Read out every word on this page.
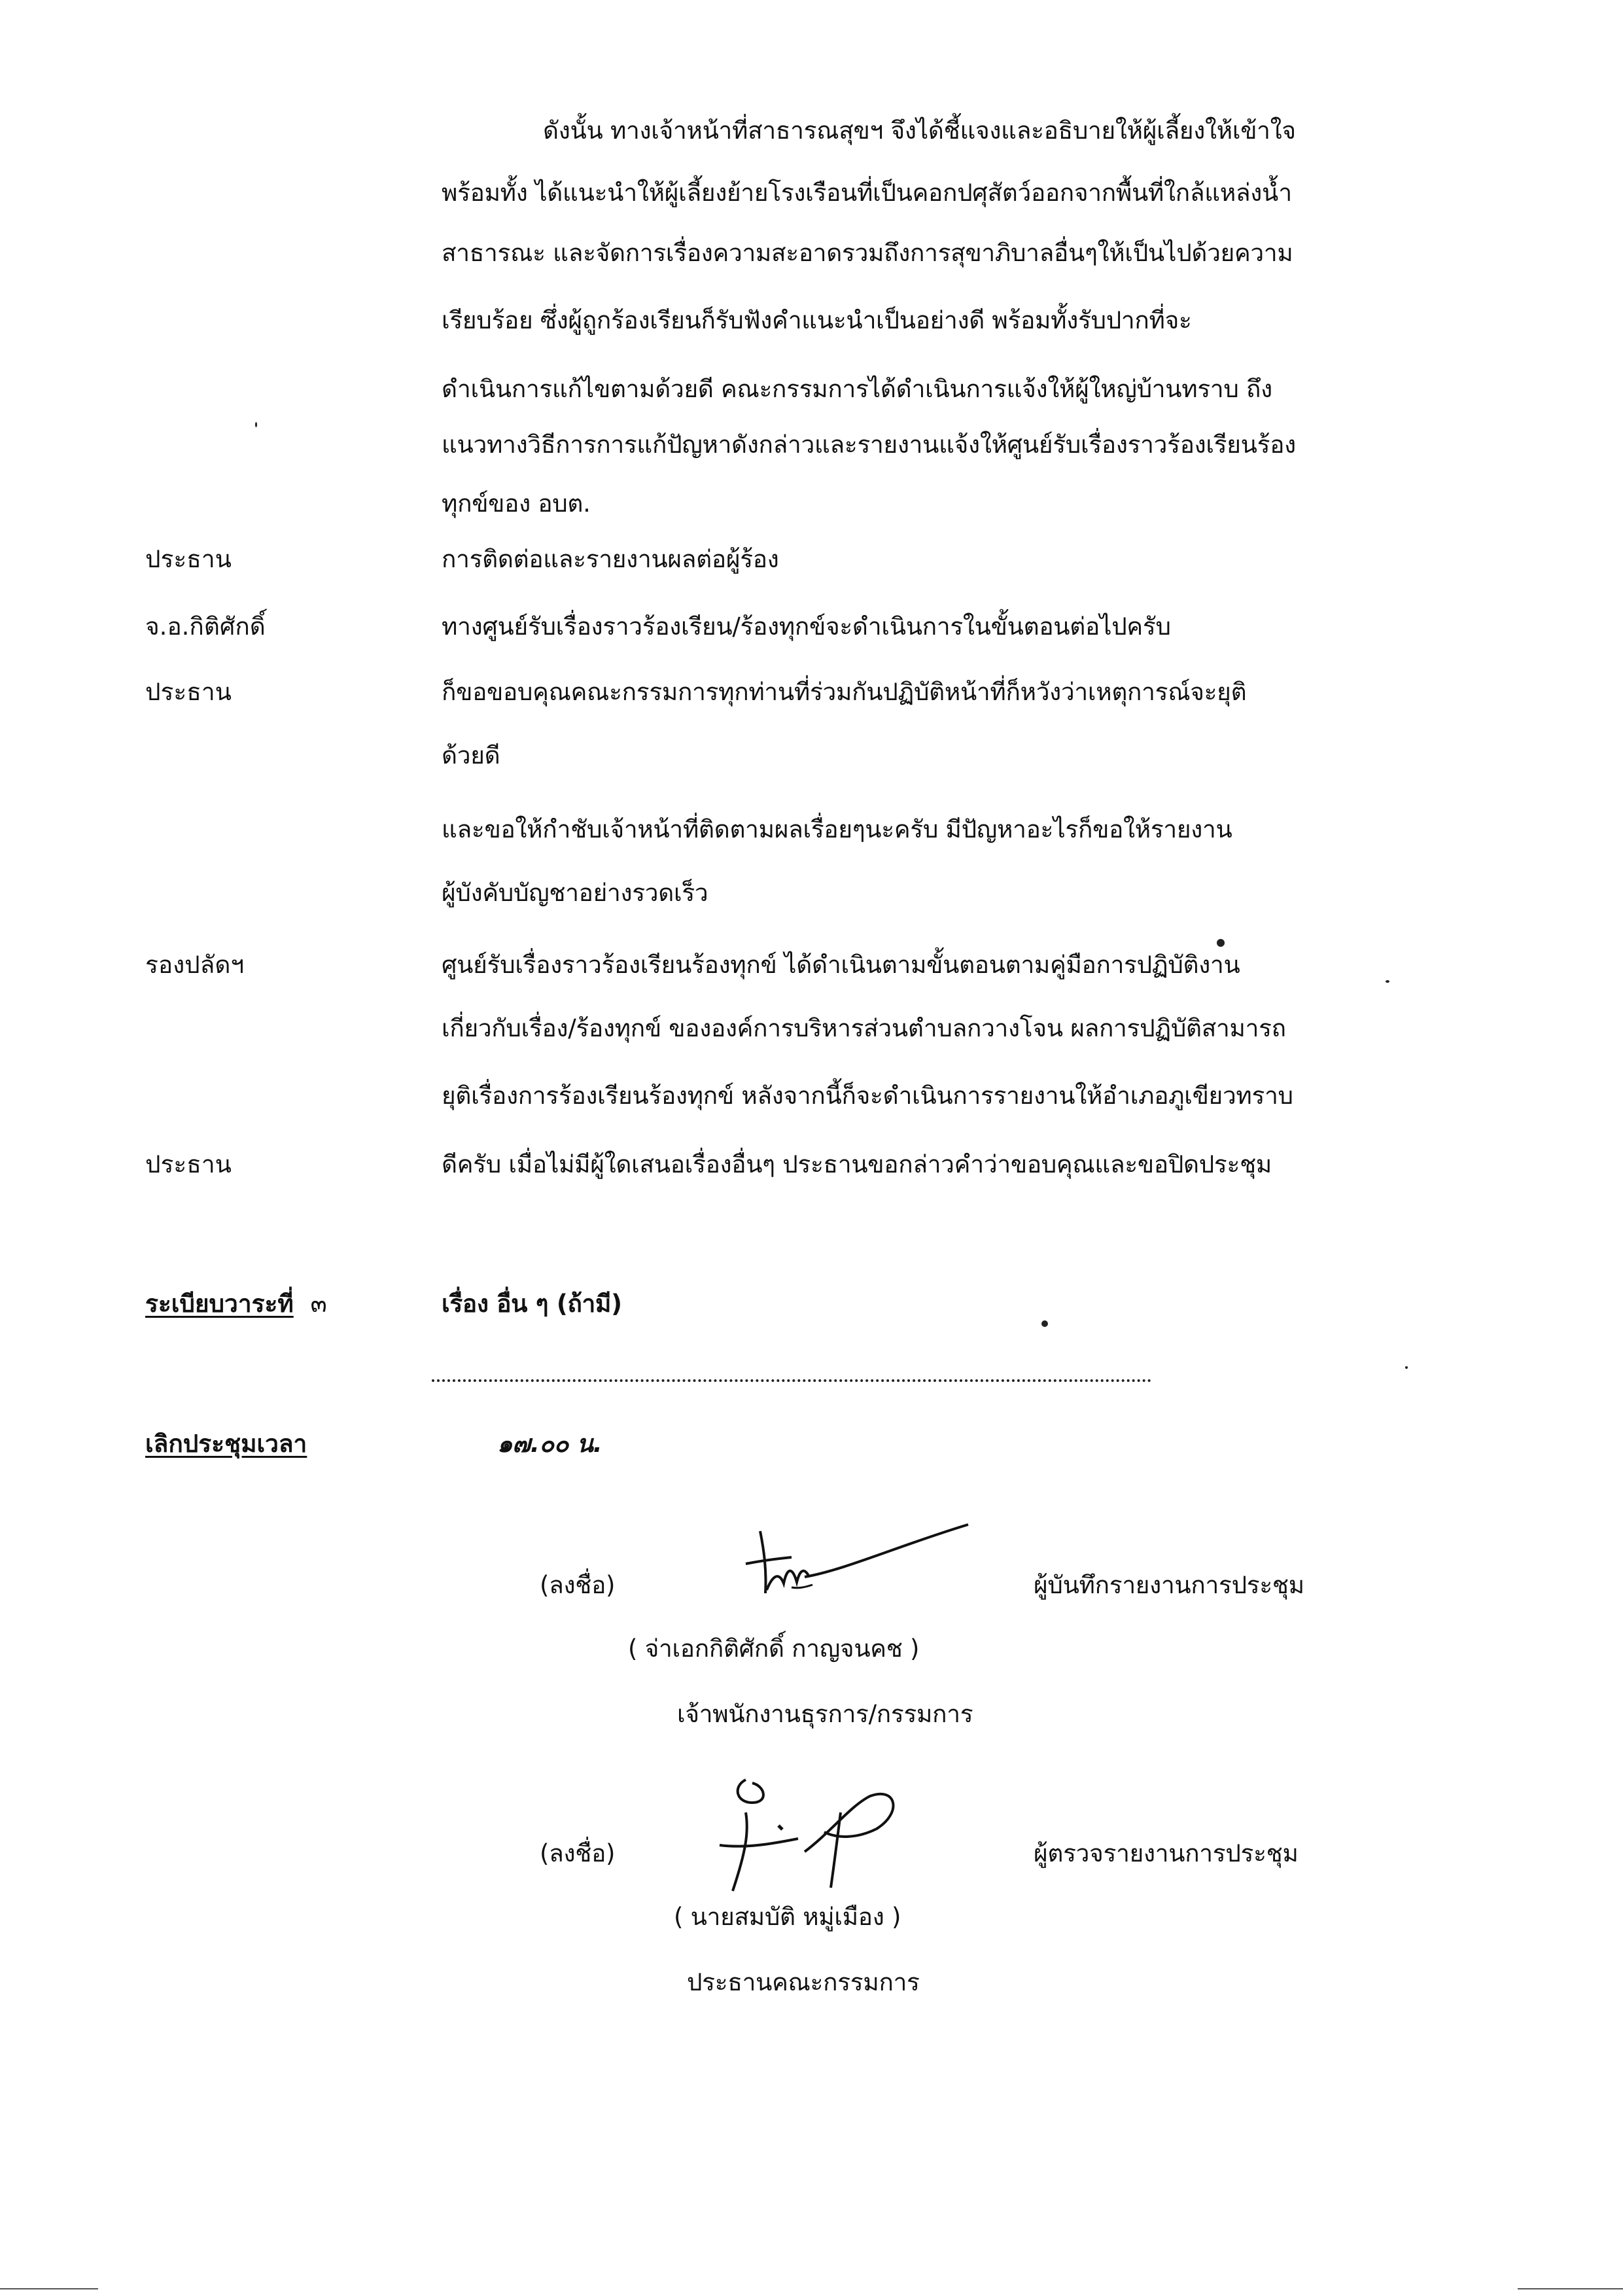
ดังนั้น ทางเจ้าหน้าที่สาธารณสุขฯ จึงได้ชี้แจงและอธิบายให้ผู้เลี้ยงให้เข้าใจ
พร้อมทั้ง ได้แนะนำให้ผู้เลี้ยงย้ายโรงเรือนที่เป็นคอกปศุสัตว์ออกจากพื้นที่ใกล้แหล่งน้ำ
สาธารณะ และจัดการเรื่องความสะอาดรวมถึงการสุขาภิบาลอื่นๆให้เป็นไปด้วยความ
เรียบร้อย ซึ่งผู้ถูกร้องเรียนก็รับฟังคำแนะนำเป็นอย่างดี พร้อมทั้งรับปากที่จะ
ดำเนินการแก้ไขตามด้วยดี คณะกรรมการได้ดำเนินการแจ้งให้ผู้ใหญ่บ้านทราบ ถึง
แนวทางวิธีการการแก้ปัญหาดังกล่าวและรายงานแจ้งให้ศูนย์รับเรื่องราวร้องเรียนร้อง
ทุกข์ของ อบต.
ประธาน	การติดต่อและรายงานผลต่อผู้ร้อง
จ.อ.กิติศักดิ์	ทางศูนย์รับเรื่องราวร้องเรียน/ร้องทุกข์จะดำเนินการในขั้นตอนต่อไปครับ
ประธาน	ก็ขอขอบคุณคณะกรรมการทุกท่านที่ร่วมกันปฏิบัติหน้าที่ก็หวังว่าเหตุการณ์จะยุติ
ด้วยดี
และขอให้กำชับเจ้าหน้าที่ติดตามผลเรื่อยๆนะครับ มีปัญหาอะไรก็ขอให้รายงาน
ผู้บังคับบัญชาอย่างรวดเร็ว
รองปลัดฯ	ศูนย์รับเรื่องราวร้องเรียนร้องทุกข์ ได้ดำเนินตามขั้นตอนตามคู่มือการปฏิบัติงาน
เกี่ยวกับเรื่อง/ร้องทุกข์ ขององค์การบริหารส่วนตำบลกวางโจน ผลการปฏิบัติสามารถ
ยุติเรื่องการร้องเรียนร้องทุกข์ หลังจากนี้ก็จะดำเนินการรายงานให้อำเภอภูเขียวทราบ
ประธาน	ดีครับ เมื่อไม่มีผู้ใดเสนอเรื่องอื่นๆ ประธานขอกล่าวคำว่าขอบคุณและขอปิดประชุม
ระเบียบวาระที่ ๓	เรื่อง อื่น ๆ (ถ้ามี)
เลิกประชุมเวลา	๑๗.๐๐ น.
(ลงชื่อ)	ผู้บันทึกรายงานการประชุม
( จ่าเอกกิติศักดิ์ กาญจนคช )
เจ้าพนักงานธุรการ/กรรมการ
(ลงชื่อ)	ผู้ตรวจรายงานการประชุม
( นายสมบัติ หมู่เมือง )
ประธานคณะกรรมการ
